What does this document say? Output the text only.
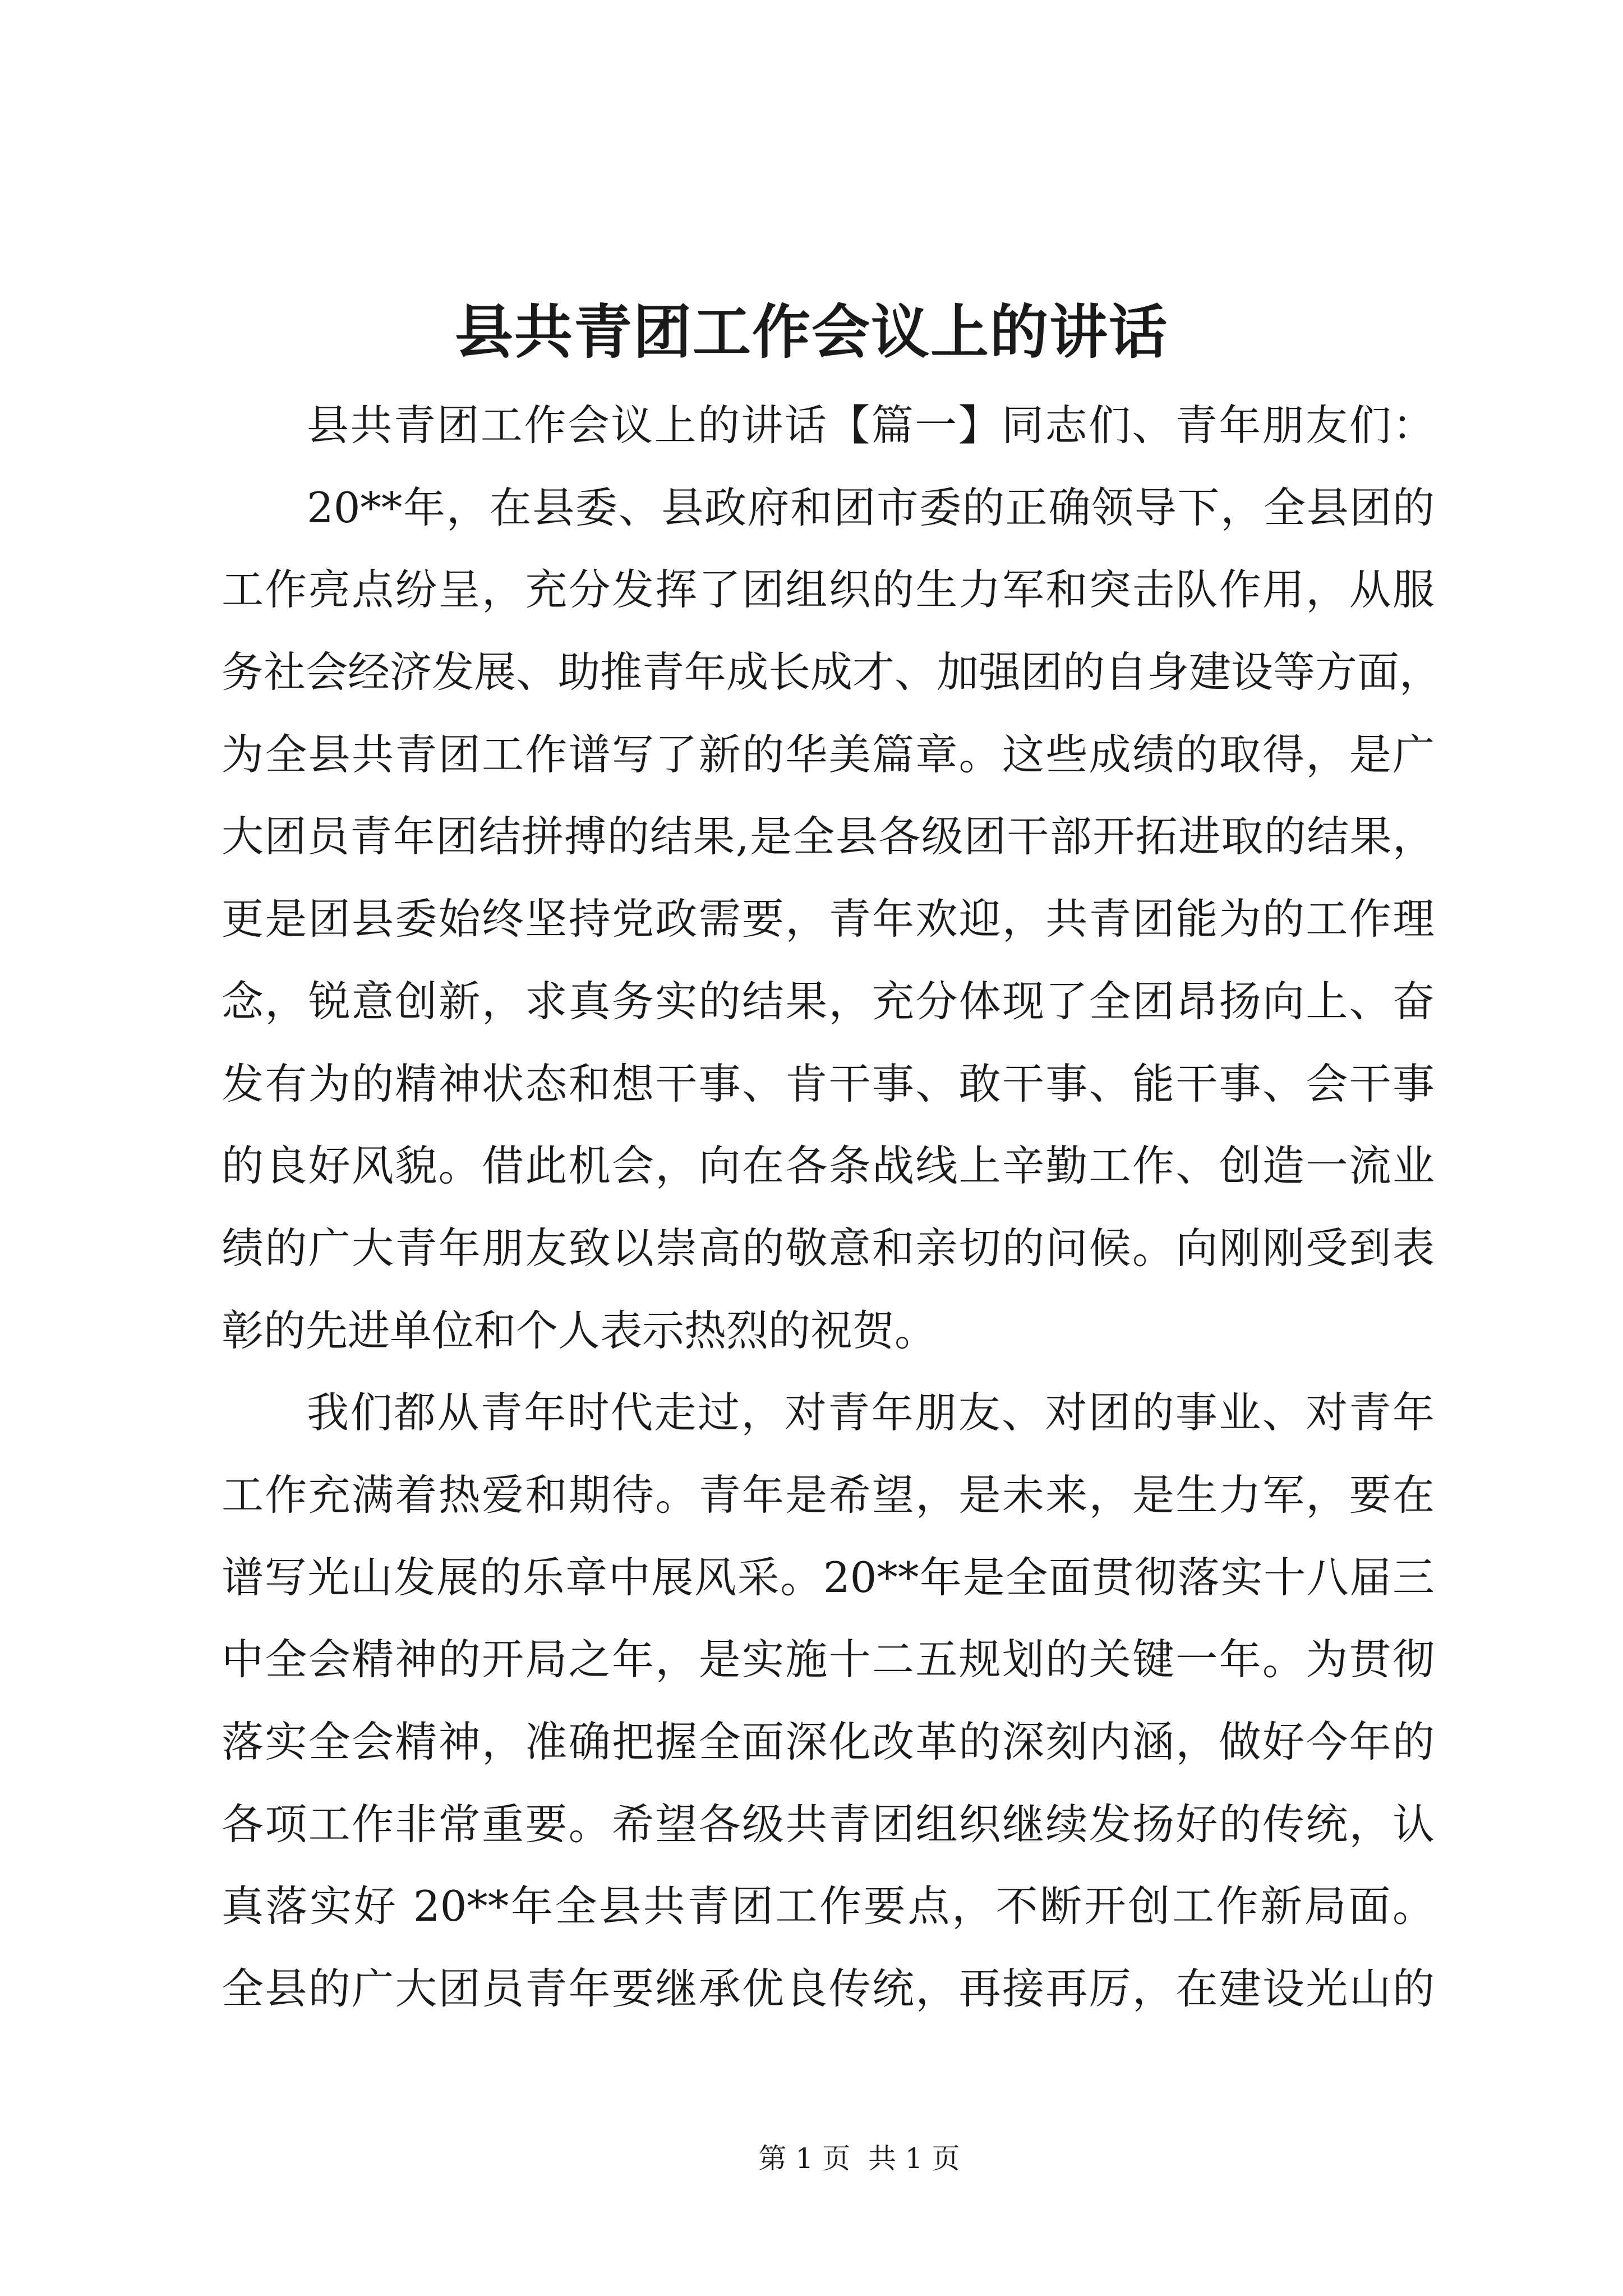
县共青团工作会议上的讲话
县共青团工作会议上的讲话【篇一】同志们、青年朋友们：
20**年，在县委、县政府和团市委的正确领导下，全县团的
工作亮点纷呈，充分发挥了团组织的生力军和突击队作用，从服
务社会经济发展、助推青年成长成才、加强团的自身建设等方面，
为全县共青团工作谱写了新的华美篇章。这些成绩的取得，是广
大团员青年团结拼搏的结果,是全县各级团干部开拓进取的结果，
更是团县委始终坚持党政需要，青年欢迎，共青团能为的工作理
念，锐意创新，求真务实的结果，充分体现了全团昂扬向上、奋
发有为的精神状态和想干事、肯干事、敢干事、能干事、会干事
的良好风貌。借此机会，向在各条战线上辛勤工作、创造一流业
绩的广大青年朋友致以崇高的敬意和亲切的问候。向刚刚受到表
彰的先进单位和个人表示热烈的祝贺。
我们都从青年时代走过，对青年朋友、对团的事业、对青年
工作充满着热爱和期待。青年是希望，是未来，是生力军，要在
谱写光山发展的乐章中展风采。20**年是全面贯彻落实十八届三
中全会精神的开局之年，是实施十二五规划的关键一年。为贯彻
落实全会精神，准确把握全面深化改革的深刻内涵，做好今年的
各项工作非常重要。希望各级共青团组织继续发扬好的传统，认
真落实好 20**年全县共青团工作要点，不断开创工作新局面。
全县的广大团员青年要继承优良传统，再接再厉，在建设光山的
第 1 页  共 1 页
